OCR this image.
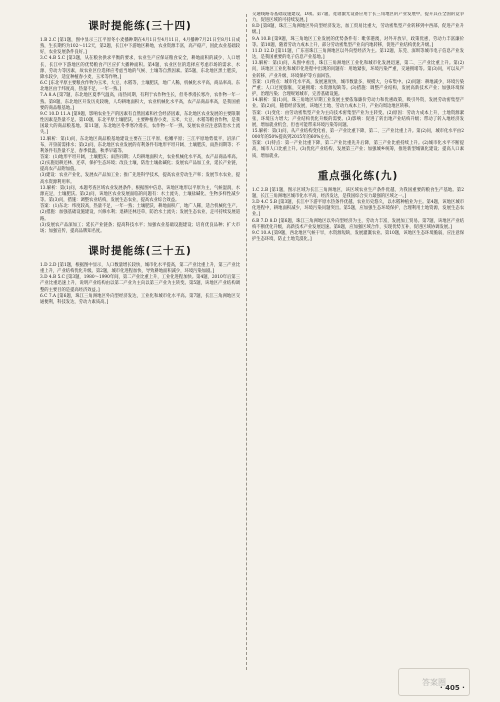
课时提能练(三十四)

1.B 2.C [第1题，图中显示三江平原冬小麦播种期在4月1日至4月11日，4月播种7月21日至8月1日成熟，生长期约为102～112天，第2题，长江中下游地区耕地，农业资源丰富，高产稳产，因此农业基础较好，农业发展条件良好。]

3.C 4.B 5.C [第3题，从在粮食供求平衡的要求，农业生产应保证粮食安全，耕地面积的减少、人口增长，长江中下游地区的优势粮食产区应扩大播种面积。第4题，农业区位的选择应考虑市场的需求、水源、劳动力等因素，故农业区位选择应考虑当地的气候、土壤等自然因素。第5题，东北地区黑土肥沃，降水较少，适宜种植春小麦、玉米等作物。]

6.C [东北平原主要粮食作物为玉米、大豆、水稻等，土壤肥沃，地广人稀，机械化水平高，商品率高。东北地区由于纬度高，热量不足，一年一熟。]

7.A 8.A [第7题，东北地区夏季气温高，雨热同期，有利于农作物生长，但冬季漫长寒冷，农作物一年一熟。第8题，东北地区开发历史较晚，人均耕地面积大，农业机械化水平高，农产品商品率高，是我国重要的商品粮基地。]

9.C 10.D 11.A [第9题，影响农业生产的因素有自然因素和社会经济因素，东北地区农业发展的主要限制性因素是热量不足。第10题，东北平原土壤肥沃，主要种植春小麦、玉米、大豆、水稻等粮食作物，是我国最大的商品粮基地。第11题，东北地区冬季寒冷漫长，农作物一年一熟，发展农业应注意防治水土流失。]

12.解析：第(1)问，东北地区商品粮基地建设主要在三江平原、松嫩平原；三江平原地势低平，沼泽广布，开垦前需排水；第(2)问，东北地区农业发展的有利条件有地形平坦开阔、土壤肥沃、雨热同期等；不利条件有热量不足、春季低温、秋季早霜等。

答案：(1)地形平坦开阔，土壤肥沃；雨热同期；人均耕地面积大，农业机械化水平高，农产品商品率高。(2)实施退耕还林、还草，保护生态环境；改良土壤，防治土壤盐碱化；发展农产品加工业，延长产业链，提高农产品附加值。

(3)建设：农业产业化，发展农产品加工业；推广先进科学技术，提高农业劳动生产率；发展节水农业，提高水资源利用率。

13.解析：第(1)问，本题考查区域农业发展条件，根据图中信息，该地区地形以平原为主，气候湿润，水源充足，土壤肥沃。第(2)问，该地区农业发展面临的问题有：水土流失、土壤盐碱化、生物多样性减少等。第(3)问，措施：调整农业结构，发展生态农业，提高农业综合效益。

答案：(1)东北：纬度较高，热量不足，一年一熟；土壤肥沃，耕地面积广，地广人稀，适合机械化生产。(2)措施：加强基础设施建设，兴修水利；退耕还林还草，防治水土流失；发展生态农业，走可持续发展道路。

(3)发展农产品深加工；延长产业链条；提高科技水平；加强农业基础设施建设；培育优良品种；扩大市场；加强宣传，提高品牌知名度。

课时提能练(三十五)

1.D 2.D [第1题，根据图中显示，人口数量增长较快，城市化水平提高，第二产业比重上升，第三产业比重上升，产业结构优化升级。第2题，城市化进程加快，导致耕地面积减少，环境污染加剧。]

3.D 4.B 5.C [第3题，1980～1990年间，第二产业比重上升，工业化进程加快。第4题，2010年后第三产业比重迅速上升，说明产业结构由以第二产业为主向以第三产业为主转变。第5题，该地区产业结构调整的主要目的是提高经济效益。]

6.C 7.A [第6题，珠江三角洲地区外向型经济发达，工业化和城市化水平高。第7题，长江三角洲地区交通便利，科技发达，劳动力素质高。]

交通线路等基础设施建设，D项。第7题，宽谱激光设备应用于长三角地区的产业发展中，提升其在全国的竞争力，促进区域的可持续发展。]

8.D [第8题，珠江三角洲地区外向型经济发达，加工贸易比重大，劳动密集型产业转移到中西部，促进产业升级。]

9.A 10.B [第9题，珠三角地区工业发展的优势条件有：毗邻港澳，对外开放早，政策优惠，劳动力丰富廉价等。第10题，随着劳动力成本上升，部分劳动密集型产业向内地转移，促进产业结构优化升级。]

11.D 12.D [第11题，广东省珠江三角洲地区以外向型经济为主。第12题，东莞、深圳等城市电子信息产业发达，是我国重要的电子信息产业基地。]

13.解析：第(1)问，从图中看出，珠江三角洲地区工业化和城市化发展迅速，第二、三产业比重上升。第(2)问，该地区工业化和城市化进程中出现的问题有：用地紧张，环境污染严重，交通拥堵等。第(3)问，可以从产业转移、产业升级、环境保护等方面回答。

答案：(1)特点：城市化水平高，发展速度快，城市数量多，规模大，分布集中。(2)问题：耕地减少，环境污染严重；人口过度膨胀，交通拥堵；水资源短缺等。(3)措施：调整产业结构，发展高新技术产业；加强环境保护，治理污染；合理规划城市，完善基础设施。

14.解析：第(1)问，珠三角地区早期工业发展主要依靠廉价劳动力和优惠政策，吸引外资，发展劳动密集型产业。第(2)问，随着经济发展，该地区土地、劳动力成本上升，产业向周边地区转移。

答案：(1)变化：由劳动密集型产业为主向技术密集型产业为主转变。(2)原因：劳动力成本上升，土地资源紧张，环境压力增大；产业结构优化升级的需要。(3)影响：促进了转出地产业结构升级；带动了转入地经济发展，增加就业机会，但也可能带来环境污染等问题。

15.解析：第(1)问，从产业结构变化看，第一产业比重下降，第二、三产业比重上升。第(2)问，城市化水平由2000年的50%提高到2015年的60%左右。

答案：(1)特点：第一产业比重下降，第二产业比重先升后降，第三产业比重持续上升。(2)城市化水平不断提高，城市人口比重上升。(3)优化产业结构，发展第三产业；加强城乡统筹，推进新型城镇化建设；提高人口素质，增加就业。

重点强化练(九)

1.C 2.B [第1题，图示区域为长江三角洲地区，该区域农业生产条件优越，为我国重要的粮食生产基地。第2题，长江三角洲地区城市化水平高，经济发达，是我国综合实力最强的区域之一。]

3.D 4.C 5.B [第3题，长江中下游平原水热条件优越，农业历史悠久，以水稻种植业为主。第4题，该地区城市化进程中，耕地面积减少，环境污染问题突出。第5题，应加强生态环境保护，合理利用土地资源，发展生态农业。]

6.B 7.D 8.D [第6题，珠江三角洲地区以外向型经济为主，劳动力丰富，发展加工贸易。第7题，该地区产业结构不断优化升级，高新技术产业发展迅速。第8题，应加强区域合作，实现优势互补，促进区域协调发展。]

9.C 10.A [第9题，西北地区气候干旱，水资源短缺，发展灌溉农业。第10题，该地区生态环境脆弱，应注意保护生态环境，防止土地荒漠化。]

答案圈
· 405 ·
